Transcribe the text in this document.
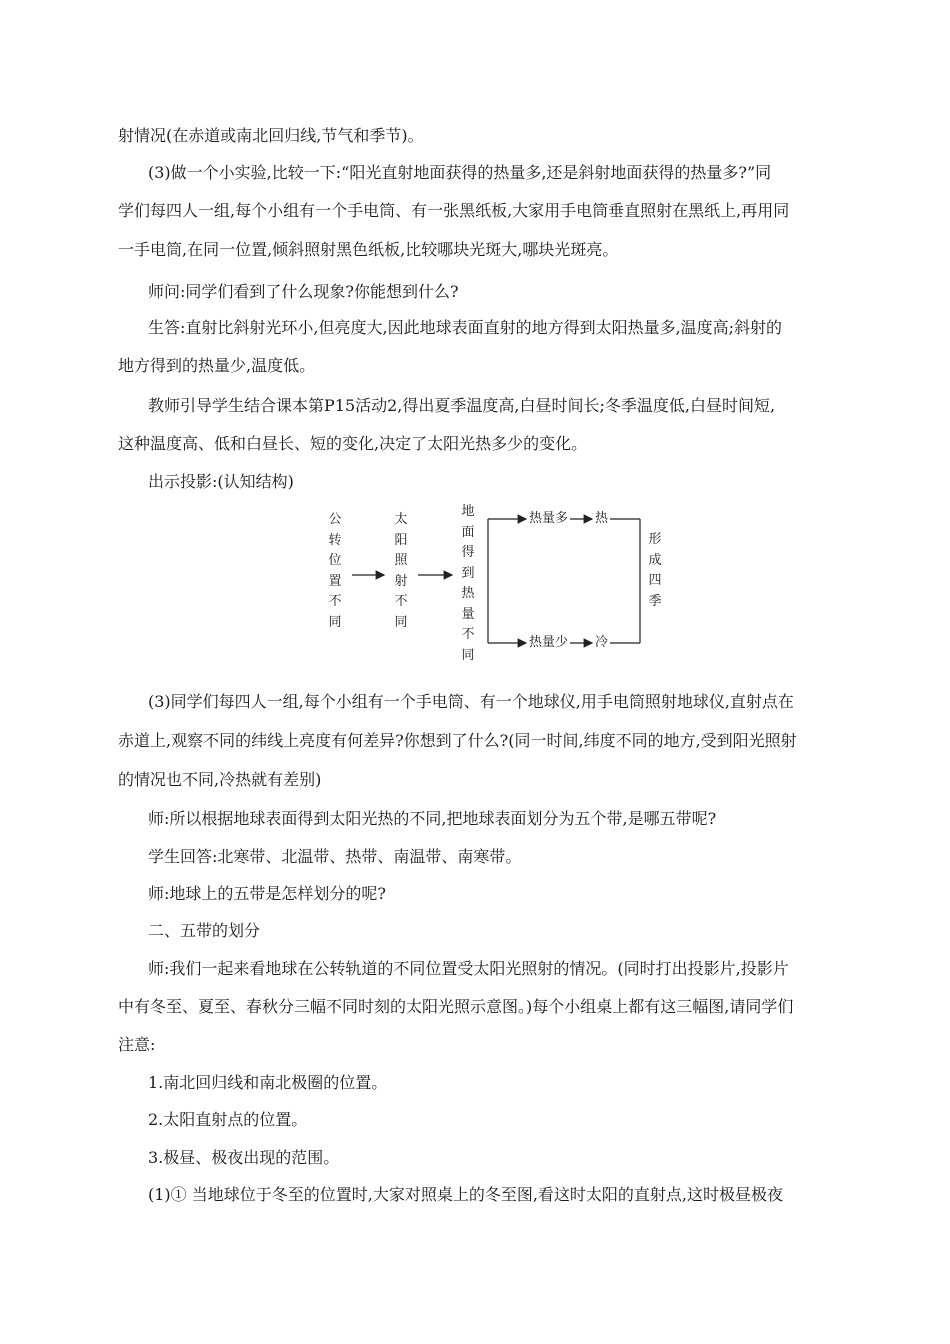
射情况(在赤道或南北回归线,节气和季节)。
(3)做一个小实验,比较一下:“阳光直射地面获得的热量多,还是斜射地面获得的热量多?”同
学们每四人一组,每个小组有一个手电筒、有一张黑纸板,大家用手电筒垂直照射在黑纸上,再用同
一手电筒,在同一位置,倾斜照射黑色纸板,比较哪块光斑大,哪块光斑亮。
师问:同学们看到了什么现象?你能想到什么?
生答:直射比斜射光环小,但亮度大,因此地球表面直射的地方得到太阳热量多,温度高;斜射的
地方得到的热量少,温度低。
教师引导学生结合课本第P15活动2,得出夏季温度高,白昼时间长;冬季温度低,白昼时间短,
这种温度高、低和白昼长、短的变化,决定了太阳光热多少的变化。
出示投影:(认知结构)
公
转
位
置
不
同
太
阳
照
射
不
同
地
面
得
到
热
量
不
同
热量多 热
热量少 冷
形
成
四
季
(3)同学们每四人一组,每个小组有一个手电筒、有一个地球仪,用手电筒照射地球仪,直射点在
赤道上,观察不同的纬线上亮度有何差异?你想到了什么?(同一时间,纬度不同的地方,受到阳光照射
的情况也不同,冷热就有差别)
师:所以根据地球表面得到太阳光热的不同,把地球表面划分为五个带,是哪五带呢?
学生回答:北寒带、北温带、热带、南温带、南寒带。
师:地球上的五带是怎样划分的呢?
二、五带的划分
师:我们一起来看地球在公转轨道的不同位置受太阳光照射的情况。(同时打出投影片,投影片
中有冬至、夏至、春秋分三幅不同时刻的太阳光照示意图。)每个小组桌上都有这三幅图,请同学们
注意:
1.南北回归线和南北极圈的位置。
2.太阳直射点的位置。
3.极昼、极夜出现的范围。
(1)① 当地球位于冬至的位置时,大家对照桌上的冬至图,看这时太阳的直射点,这时极昼极夜
